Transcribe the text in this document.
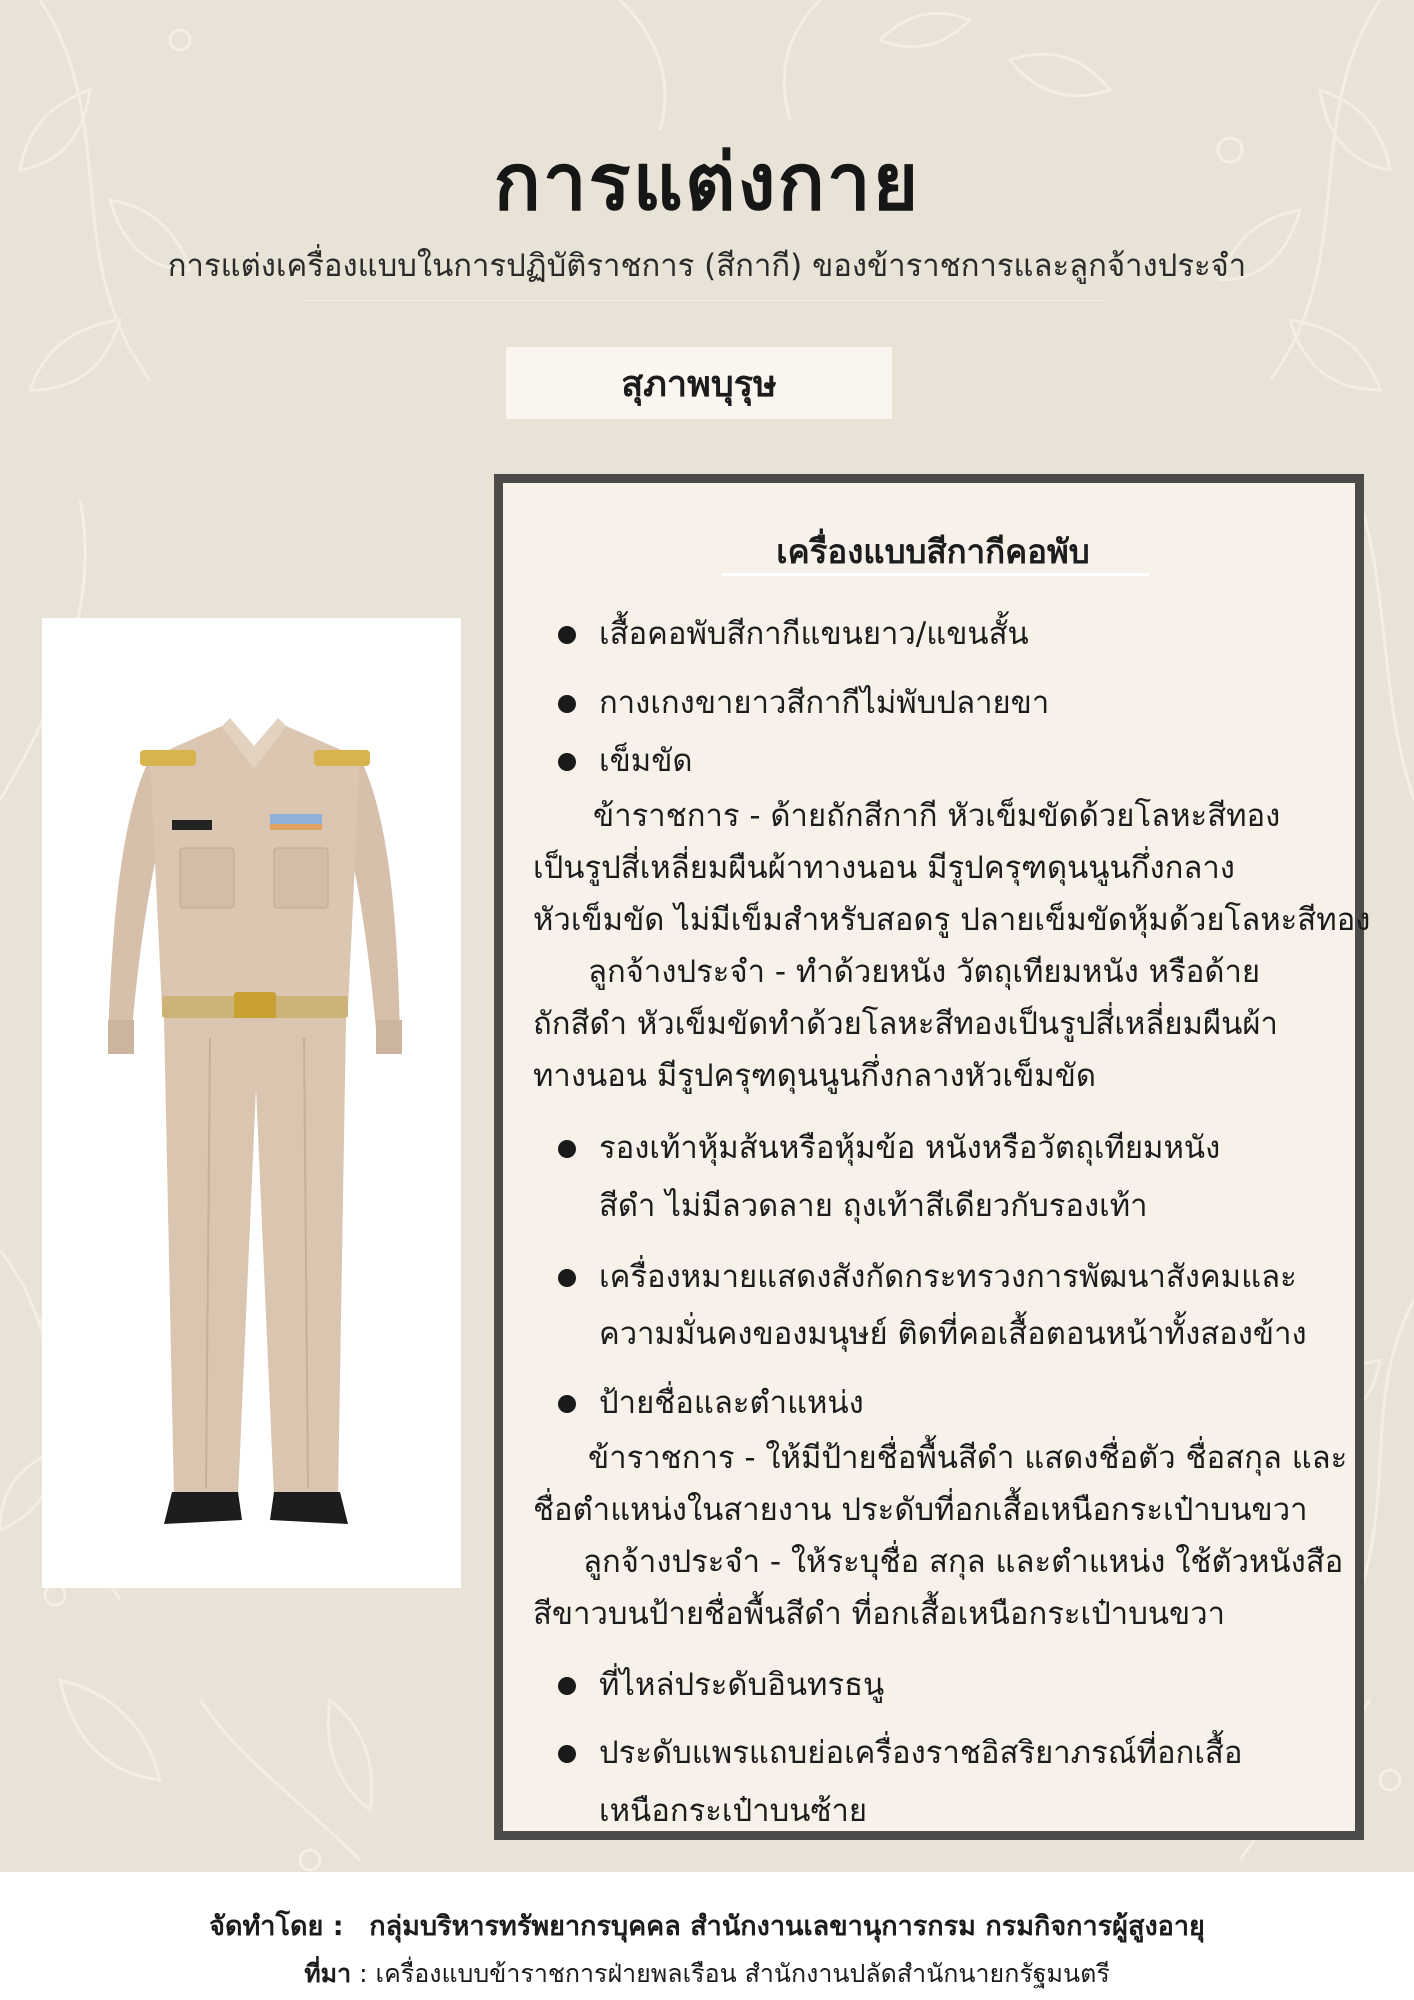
การแต่งกาย

การแต่งเครื่องแบบในการปฏิบัติราชการ (สีกากี) ของข้าราชการและลูกจ้างประจำ

สุภาพบุรุษ
เครื่องแบบสีกากีคอพับ
เสื้อคอพับสีกากีแขนยาว/แขนสั้น
กางเกงขายาวสีกากีไม่พับปลายขา
เข็มขัด
ข้าราชการ - ด้ายถักสีกากี หัวเข็มขัดด้วยโลหะสีทอง
เป็นรูปสี่เหลี่ยมผืนผ้าทางนอน มีรูปครุฑดุนนูนกึ่งกลาง
หัวเข็มขัด ไม่มีเข็มสำหรับสอดรู ปลายเข็มขัดหุ้มด้วยโลหะสีทอง
ลูกจ้างประจำ - ทำด้วยหนัง วัตถุเทียมหนัง หรือด้าย
ถักสีดำ หัวเข็มขัดทำด้วยโลหะสีทองเป็นรูปสี่เหลี่ยมผืนผ้า
ทางนอน มีรูปครุฑดุนนูนกึ่งกลางหัวเข็มขัด
รองเท้าหุ้มส้นหรือหุ้มข้อ หนังหรือวัตถุเทียมหนัง
สีดำ ไม่มีลวดลาย ถุงเท้าสีเดียวกับรองเท้า
เครื่องหมายแสดงสังกัดกระทรวงการพัฒนาสังคมและ
ความมั่นคงของมนุษย์ ติดที่คอเสื้อตอนหน้าทั้งสองข้าง
ป้ายชื่อและตำแหน่ง
ข้าราชการ - ให้มีป้ายชื่อพื้นสีดำ แสดงชื่อตัว ชื่อสกุล และ
ชื่อตำแหน่งในสายงาน ประดับที่อกเสื้อเหนือกระเป๋าบนขวา
ลูกจ้างประจำ - ให้ระบุชื่อ สกุล และตำแหน่ง ใช้ตัวหนังสือ
สีขาวบนป้ายชื่อพื้นสีดำ ที่อกเสื้อเหนือกระเป๋าบนขวา
ที่ไหล่ประดับอินทรธนู
ประดับแพรแถบย่อเครื่องราชอิสริยาภรณ์ที่อกเสื้อ
เหนือกระเป๋าบนซ้าย
จัดทำโดย : กลุ่มบริหารทรัพยากรบุคคล สำนักงานเลขานุการกรม กรมกิจการผู้สูงอายุ
ที่มา : เครื่องแบบข้าราชการฝ่ายพลเรือน สำนักงานปลัดสำนักนายกรัฐมนตรี
